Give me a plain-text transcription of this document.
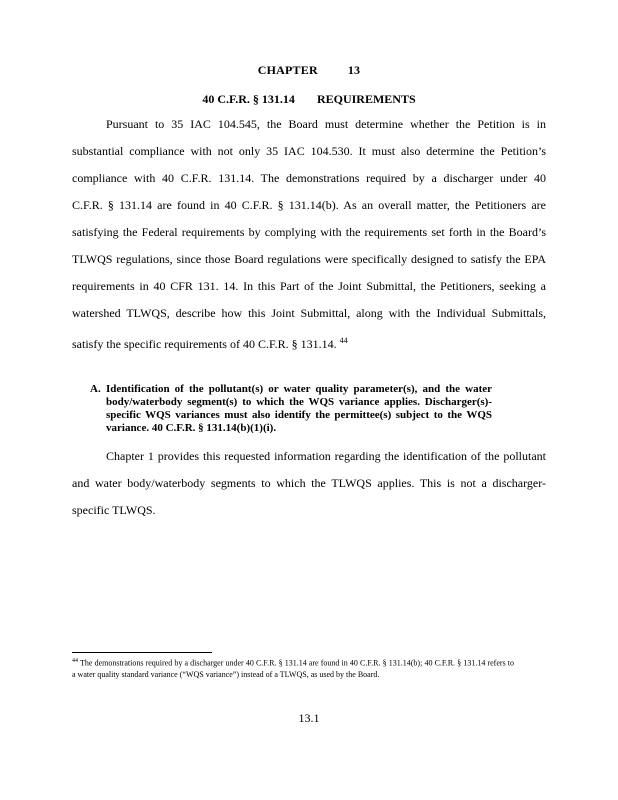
CHAPTER	13
40 C.F.R. § 131.14 REQUIREMENTS
Pursuant to 35 IAC 104.545, the Board must determine whether the Petition is in
substantial compliance with not only 35 IAC 104.530. It must also determine the Petition’s
compliance with 40 C.F.R. 131.14. The demonstrations required by a discharger under 40
C.F.R. § 131.14 are found in 40 C.F.R. § 131.14(b). As an overall matter, the Petitioners are
satisfying the Federal requirements by complying with the requirements set forth in the Board’s
TLWQS regulations, since those Board regulations were specifically designed to satisfy the EPA
requirements in 40 CFR 131. 14. In this Part of the Joint Submittal, the Petitioners, seeking a
watershed TLWQS, describe how this Joint Submittal, along with the Individual Submittals,

satisfy the specific requirements of 40 C.F.R. § 131.14. $^{44}$
A. Identification of the pollutant(s) or water quality parameter(s), and the water body/waterbody segment(s) to which the WQS variance applies. Discharger(s)-specific WQS variances must also identify the permittee(s) subject to the WQS variance. 40 C.F.R. § 131.14(b)(1)(i).
Chapter 1 provides this requested information regarding the identification of the pollutant
and water body/waterbody segments to which the TLWQS applies. This is not a discharger-

specific TLWQS.
$^{44}$ The demonstrations required by a discharger under 40 C.F.R. § 131.14 are found in 40 C.F.R. § 131.14(b); 40 C.F.R. § 131.14 refers to a water quality standard variance (“WQS variance”) instead of a TLWQS, as used by the Board.
13.1
